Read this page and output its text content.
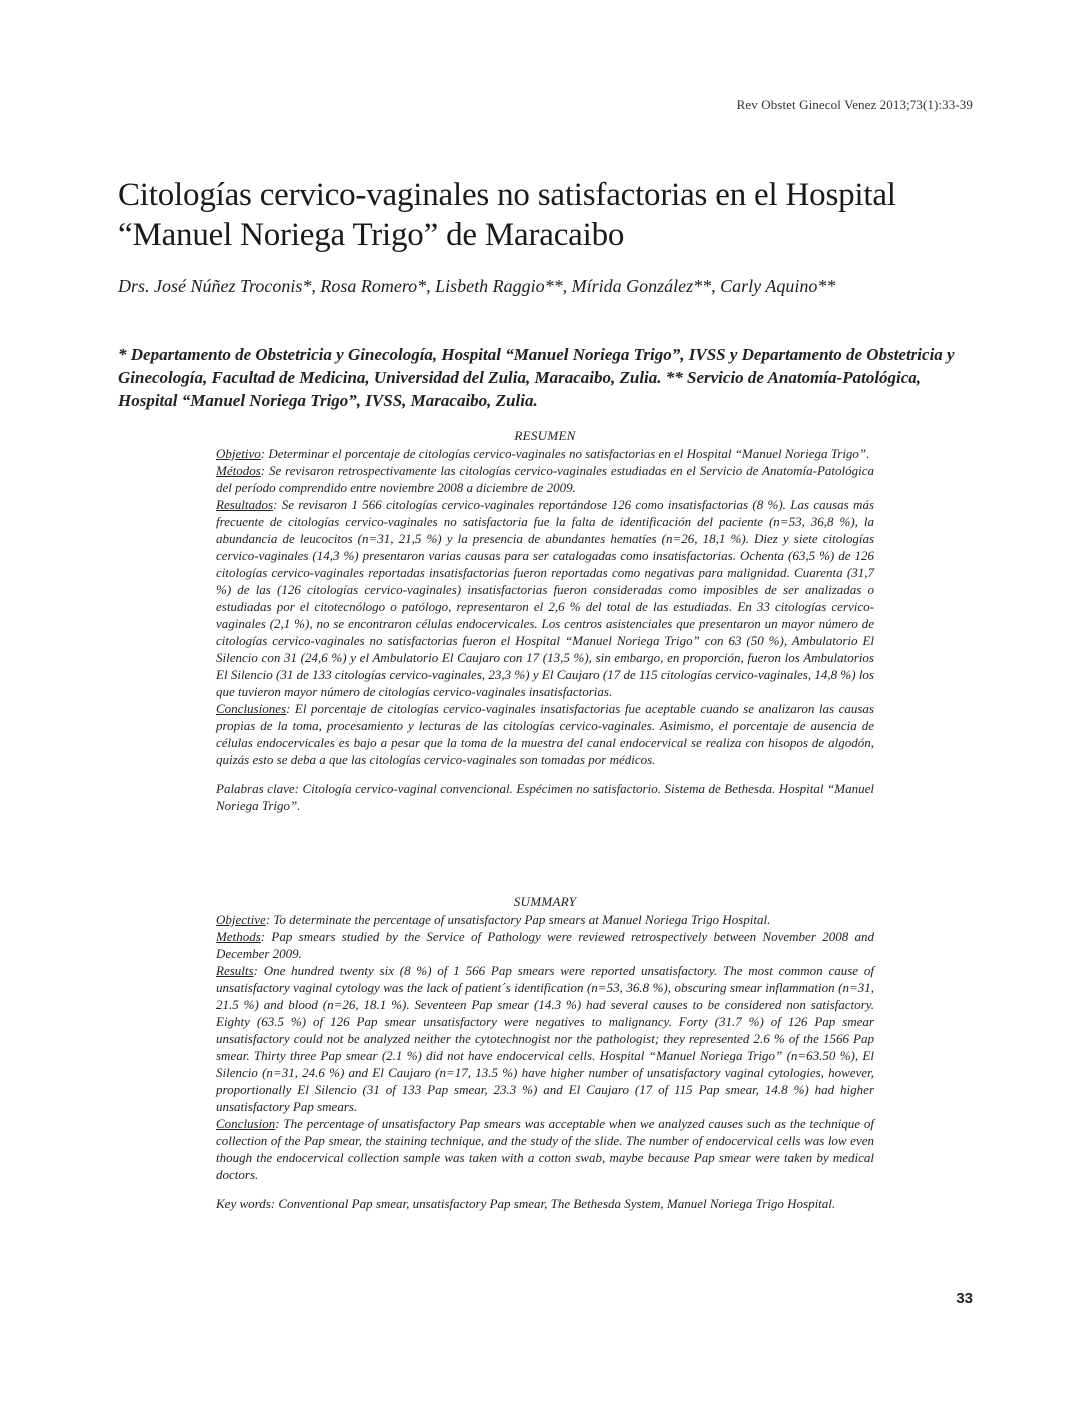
Rev Obstet Ginecol Venez 2013;73(1):33-39
Citologías cervico-vaginales no satisfactorias en el Hospital “Manuel Noriega Trigo” de Maracaibo

Drs. José Núñez Troconis*, Rosa Romero*, Lisbeth Raggio**, Mírida González**, Carly Aquino**

* Departamento de Obstetricia y Ginecología, Hospital “Manuel Noriega Trigo”, IVSS y Departamento de Obstetricia y Ginecología, Facultad de Medicina, Universidad del Zulia, Maracaibo, Zulia. ** Servicio de Anatomía-Patológica, Hospital “Manuel Noriega Trigo”, IVSS, Maracaibo, Zulia.

RESUMEN

Objetivo: Determinar el porcentaje de citologías cervico-vaginales no satisfactorias en el Hospital “Manuel Noriega Trigo”.

Métodos: Se revisaron retrospectivamente las citologías cervico-vaginales estudiadas en el Servicio de Anatomía-Patológica del período comprendido entre noviembre 2008 a diciembre de 2009.

Resultados: Se revisaron 1 566 citologías cervico-vaginales reportándose 126 como insatisfactorias (8 %). Las causas más frecuente de citologías cervico-vaginales no satisfactoria fue la falta de identificación del paciente (n=53, 36,8 %), la abundancia de leucocitos (n=31, 21,5 %) y la presencia de abundantes hematíes (n=26, 18,1 %). Diez y siete citologías cervico-vaginales (14,3 %) presentaron varias causas para ser catalogadas como insatisfactorias. Ochenta (63,5 %) de 126 citologías cervico-vaginales reportadas insatisfactorias fueron reportadas como negativas para malignidad. Cuarenta (31,7 %) de las (126 citologías cervico-vaginales) insatisfactorias fueron consideradas como imposibles de ser analizadas o estudiadas por el citotecnólogo o patólogo, representaron el 2,6 % del total de las estudiadas. En 33 citologías cervico-vaginales (2,1 %), no se encontraron células endocervicales. Los centros asistenciales que presentaron un mayor número de citologías cervico-vaginales no satisfactorias fueron el Hospital “Manuel Noriega Trigo” con 63 (50 %), Ambulatorio El Silencio con 31 (24,6 %) y el Ambulatorio El Caujaro con 17 (13,5 %), sin embargo, en proporción, fueron los Ambulatorios El Silencio (31 de 133 citologías cervico-vaginales, 23,3 %) y El Caujaro (17 de 115 citologías cervico-vaginales, 14,8 %) los que tuvieron mayor número de citologías cervico-vaginales insatisfactorias.

Conclusiones: El porcentaje de citologías cervico-vaginales insatisfactorias fue aceptable cuando se analizaron las causas propias de la toma, procesamiento y lecturas de las citologías cervico-vaginales. Asimismo, el porcentaje de ausencia de células endocervicales es bajo a pesar que la toma de la muestra del canal endocervical se realiza con hisopos de algodón, quizás esto se deba a que las citologías cervico-vaginales son tomadas por médicos.

Palabras clave: Citología cervico-vaginal convencional. Espécimen no satisfactorio. Sistema de Bethesda. Hospital “Manuel Noriega Trigo”.

SUMMARY

Objective: To determinate the percentage of unsatisfactory Pap smears at Manuel Noriega Trigo Hospital.

Methods: Pap smears studied by the Service of Pathology were reviewed retrospectively between November 2008 and December 2009.

Results: One hundred twenty six (8 %) of 1 566 Pap smears were reported unsatisfactory. The most common cause of unsatisfactory vaginal cytology was the lack of patient´s identification (n=53, 36.8 %), obscuring smear inflammation (n=31, 21.5 %) and blood (n=26, 18.1 %). Seventeen Pap smear (14.3 %) had several causes to be considered non satisfactory. Eighty (63.5 %) of 126 Pap smear unsatisfactory were negatives to malignancy. Forty (31.7 %) of 126 Pap smear unsatisfactory could not be analyzed neither the cytotechnogist nor the pathologist; they represented 2.6 % of the 1566 Pap smear. Thirty three Pap smear (2.1 %) did not have endocervical cells. Hospital “Manuel Noriega Trigo” (n=63.50 %), El Silencio (n=31, 24.6 %) and El Caujaro (n=17, 13.5 %) have higher number of unsatisfactory vaginal cytologies, however, proportionally El Silencio (31 of 133 Pap smear, 23.3 %) and El Caujaro (17 of 115 Pap smear, 14.8 %) had higher unsatisfactory Pap smears.

Conclusion: The percentage of unsatisfactory Pap smears was acceptable when we analyzed causes such as the technique of collection of the Pap smear, the staining technique, and the study of the slide. The number of endocervical cells was low even though the endocervical collection sample was taken with a cotton swab, maybe because Pap smear were taken by medical doctors.

Key words: Conventional Pap smear, unsatisfactory Pap smear, The Bethesda System, Manuel Noriega Trigo Hospital.

33
